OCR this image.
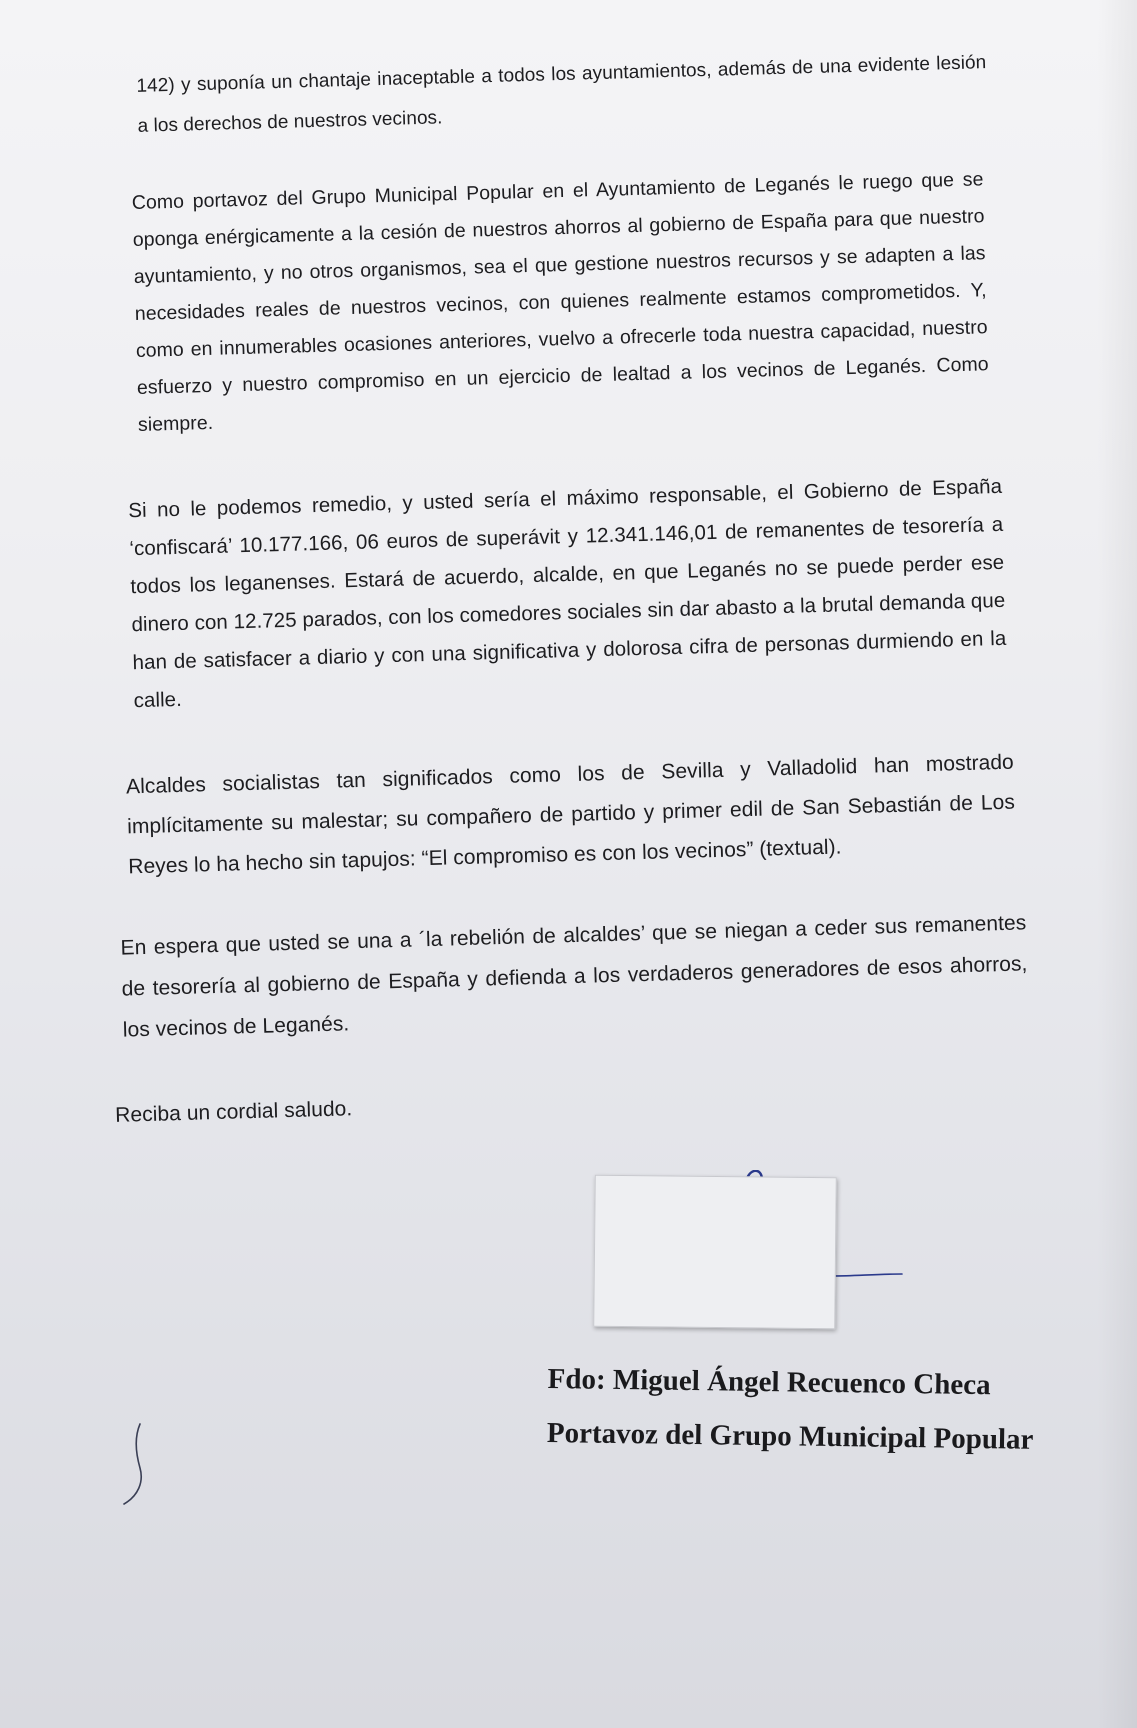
142) y suponía un chantaje inaceptable a todos los ayuntamientos, además de una evidente lesión a los derechos de nuestros vecinos.

Como portavoz del Grupo Municipal Popular en el Ayuntamiento de Leganés le ruego que se oponga enérgicamente a la cesión de nuestros ahorros al gobierno de España para que nuestro ayuntamiento, y no otros organismos, sea el que gestione nuestros recursos y se adapten a las necesidades reales de nuestros vecinos, con quienes realmente estamos comprometidos. Y, como en innumerables ocasiones anteriores, vuelvo a ofrecerle toda nuestra capacidad, nuestro esfuerzo y nuestro compromiso en un ejercicio de lealtad a los vecinos de Leganés. Como siempre.

Si no le podemos remedio, y usted sería el máximo responsable, el Gobierno de España ‘confiscará’ 10.177.166, 06 euros de superávit y 12.341.146,01 de remanentes de tesorería a todos los leganenses. Estará de acuerdo, alcalde, en que Leganés no se puede perder ese dinero con 12.725 parados, con los comedores sociales sin dar abasto a la brutal demanda que han de satisfacer a diario y con una significativa y dolorosa cifra de personas durmiendo en la calle.

Alcaldes socialistas tan significados como los de Sevilla y Valladolid han mostrado implícitamente su malestar; su compañero de partido y primer edil de San Sebastián de Los Reyes lo ha hecho sin tapujos: “El compromiso es con los vecinos” (textual).

En espera que usted se una a ´la rebelión de alcaldes’ que se niegan a ceder sus remanentes de tesorería al gobierno de España y defienda a los verdaderos generadores de esos ahorros, los vecinos de Leganés.

Reciba un cordial saludo.

Fdo: Miguel Ángel Recuenco Checa

Portavoz del Grupo Municipal Popular
